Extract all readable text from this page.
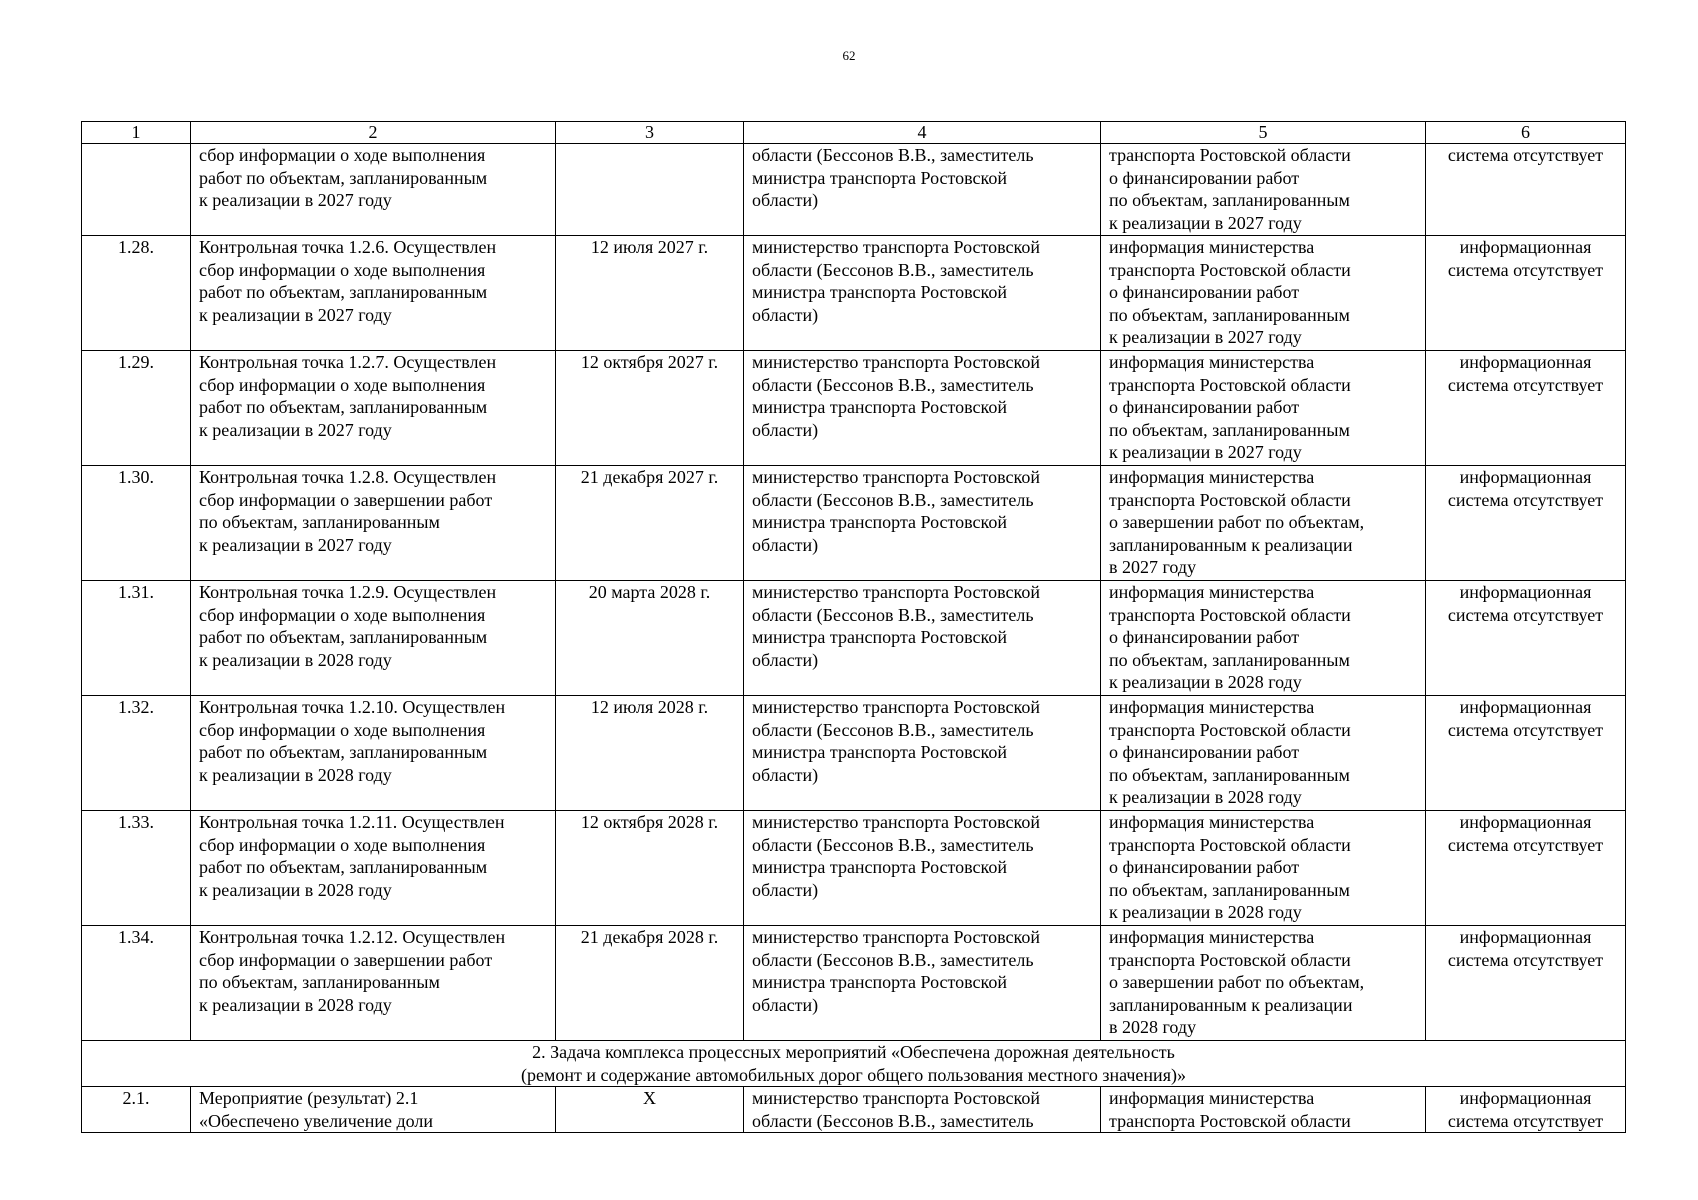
62
1	2	3	4	5	6

	сбор информации о ходе выполнения
работ по объектам, запланированным
к реализации в 2027 году		области (Бессонов В.В., заместитель
министра транспорта Ростовской
области)	транспорта Ростовской области
о финансировании работ
по объектам, запланированным
к реализации в 2027 году	система отсутствует

1.28.	Контрольная точка 1.2.6. Осуществлен
сбор информации о ходе выполнения
работ по объектам, запланированным
к реализации в 2027 году	12 июля 2027 г.	министерство транспорта Ростовской
области (Бессонов В.В., заместитель
министра транспорта Ростовской
области)	информация министерства
транспорта Ростовской области
о финансировании работ
по объектам, запланированным
к реализации в 2027 году	информационная
система отсутствует

1.29.	Контрольная точка 1.2.7. Осуществлен
сбор информации о ходе выполнения
работ по объектам, запланированным
к реализации в 2027 году	12 октября 2027 г.	министерство транспорта Ростовской
области (Бессонов В.В., заместитель
министра транспорта Ростовской
области)	информация министерства
транспорта Ростовской области
о финансировании работ
по объектам, запланированным
к реализации в 2027 году	информационная
система отсутствует

1.30.	Контрольная точка 1.2.8. Осуществлен
сбор информации о завершении работ
по объектам, запланированным
к реализации в 2027 году	21 декабря 2027 г.	министерство транспорта Ростовской
области (Бессонов В.В., заместитель
министра транспорта Ростовской
области)	информация министерства
транспорта Ростовской области
о завершении работ по объектам,
запланированным к реализации
в 2027 году	информационная
система отсутствует

1.31.	Контрольная точка 1.2.9. Осуществлен
сбор информации о ходе выполнения
работ по объектам, запланированным
к реализации в 2028 году	20 марта 2028 г.	министерство транспорта Ростовской
области (Бессонов В.В., заместитель
министра транспорта Ростовской
области)	информация министерства
транспорта Ростовской области
о финансировании работ
по объектам, запланированным
к реализации в 2028 году	информационная
система отсутствует

1.32.	Контрольная точка 1.2.10. Осуществлен
сбор информации о ходе выполнения
работ по объектам, запланированным
к реализации в 2028 году	12 июля 2028 г.	министерство транспорта Ростовской
области (Бессонов В.В., заместитель
министра транспорта Ростовской
области)	информация министерства
транспорта Ростовской области
о финансировании работ
по объектам, запланированным
к реализации в 2028 году	информационная
система отсутствует

1.33.	Контрольная точка 1.2.11. Осуществлен
сбор информации о ходе выполнения
работ по объектам, запланированным
к реализации в 2028 году	12 октября 2028 г.	министерство транспорта Ростовской
области (Бессонов В.В., заместитель
министра транспорта Ростовской
области)	информация министерства
транспорта Ростовской области
о финансировании работ
по объектам, запланированным
к реализации в 2028 году	информационная
система отсутствует

1.34.	Контрольная точка 1.2.12. Осуществлен
сбор информации о завершении работ
по объектам, запланированным
к реализации в 2028 году	21 декабря 2028 г.	министерство транспорта Ростовской
области (Бессонов В.В., заместитель
министра транспорта Ростовской
области)	информация министерства
транспорта Ростовской области
о завершении работ по объектам,
запланированным к реализации
в 2028 году	информационная
система отсутствует

2. Задача комплекса процессных мероприятий «Обеспечена дорожная деятельность
(ремонт и содержание автомобильных дорог общего пользования местного значения)»					

2.1.	Мероприятие (результат) 2.1
«Обеспечено увеличение доли	Х	министерство транспорта Ростовской
области (Бессонов В.В., заместитель	информация министерства
транспорта Ростовской области	информационная
система отсутствует
